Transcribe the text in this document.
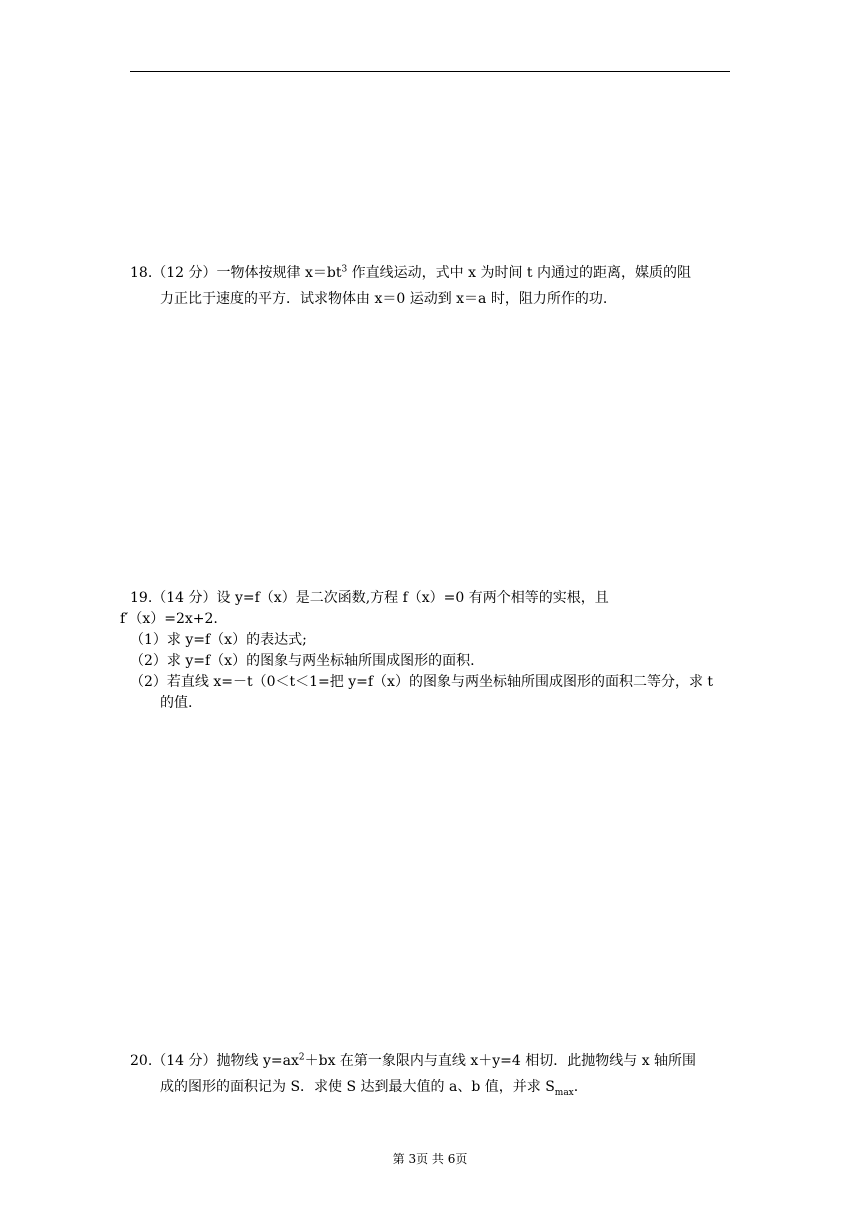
18.（12 分）一物体按规律 $x=bt^3$ 作直线运动，式中 x 为时间 t 内通过的距离，媒质的阻
力正比于速度的平方．试求物体由 x＝0 运动到 x＝a 时，阻力所作的功.
19.（14 分）设 y=f（x）是二次函数,方程 f（x）=0 有两个相等的实根，且
f′（x）=2x+2.
（1）求 y=f（x）的表达式;
（2）求 y=f（x）的图象与两坐标轴所围成图形的面积.
（2）若直线 x=－t（0＜t＜1=把 y=f（x）的图象与两坐标轴所围成图形的面积二等分，求 t
的值.
20.（14 分）抛物线 $y=ax^2+bx$ 在第一象限内与直线 x＋y=4 相切．此抛物线与 x 轴所围
成的图形的面积记为 S．求使 S 达到最大值的 a、b 值，并求 $S_{max}$.
第 3页 共 6页
